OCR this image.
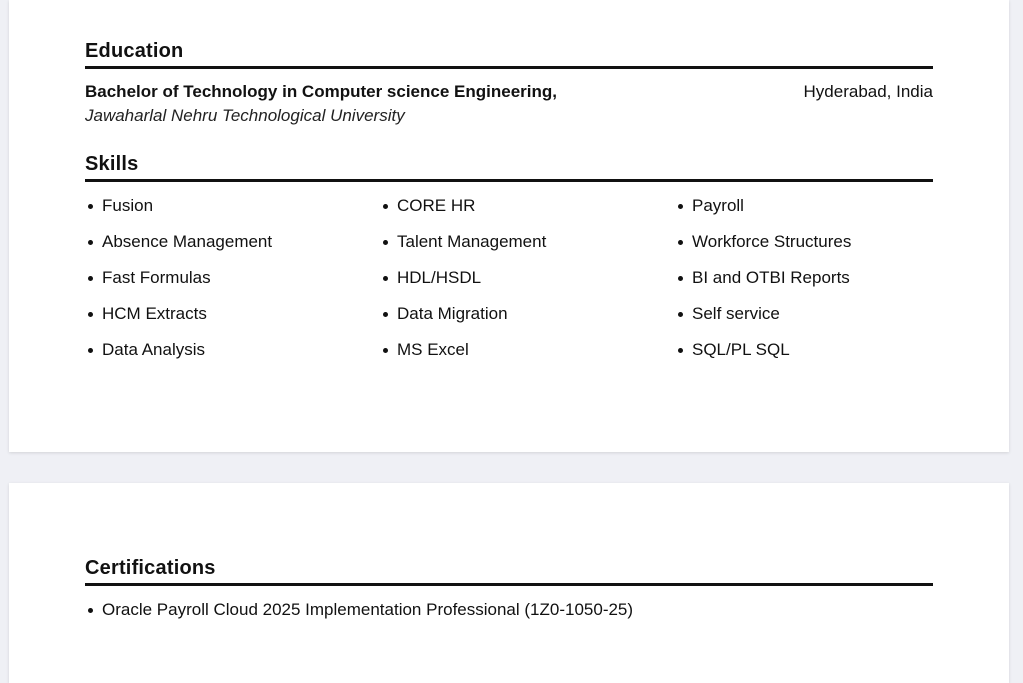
Education
Bachelor of Technology in Computer science Engineering,
Jawaharlal Nehru Technological University
Hyderabad, India
Skills
Fusion	CORE HR	Payroll
Absence Management	Talent Management	Workforce Structures
Fast Formulas	HDL/HSDL	BI and OTBI Reports
HCM Extracts	Data Migration	Self service
Data Analysis	MS Excel	SQL/PL SQL
Certifications
Oracle Payroll Cloud 2025 Implementation Professional (1Z0-1050-25)
